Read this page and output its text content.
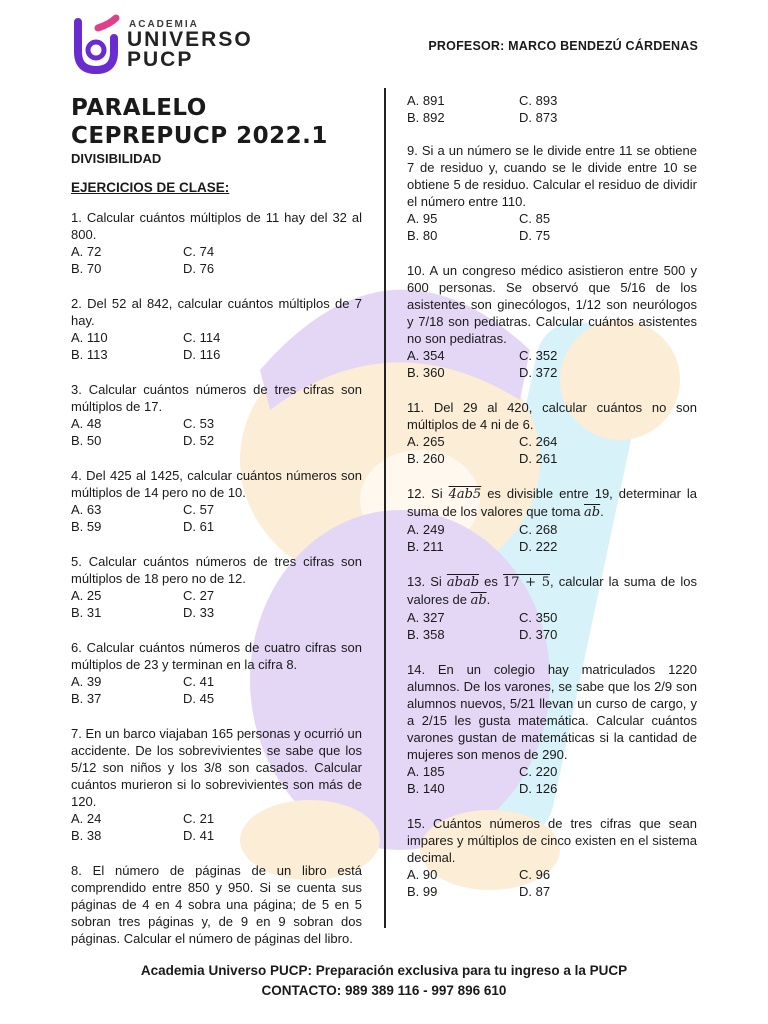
ACADEMIA
UNIVERSO
PUCP
PROFESOR: MARCO BENDEZÚ CÁRDENAS
PARALELO CEPREPUCP 2022.1
DIVISIBILIDAD
EJERCICIOS DE CLASE:

1. Calcular cuántos múltiplos de 11 hay del 32 al 800.

A. 72	C. 74
B. 70	D. 76

2. Del 52 al 842, calcular cuántos múltiplos de 7 hay.

A. 110	C. 114
B. 113	D. 116

3. Calcular cuántos números de tres cifras son múltiplos de 17.

A. 48	C. 53
B. 50	D. 52

4. Del 425 al 1425, calcular cuántos números son múltiplos de 14 pero no de 10.

A. 63	C. 57
B. 59	D. 61

5. Calcular cuántos números de tres cifras son múltiplos de 18 pero no de 12.

A. 25	C. 27
B. 31	D. 33

6. Calcular cuántos números de cuatro cifras son múltiplos de 23 y terminan en la cifra 8.

A. 39	C. 41
B. 37	D. 45

7. En un barco viajaban 165 personas y ocurrió un accidente. De los sobrevivientes se sabe que los 5/12 son niños y los 3/8 son casados. Calcular cuántos murieron si lo sobrevivientes son más de 120.

A. 24	C. 21
B. 38	D. 41

8. El número de páginas de un libro está comprendido entre 850 y 950. Si se cuenta sus páginas de 4 en 4 sobra una página; de 5 en 5 sobran tres páginas y, de 9 en 9 sobran dos páginas. Calcular el número de páginas del libro.

A. 891	C. 893
B. 892	D. 873

9. Si a un número se le divide entre 11 se obtiene 7 de residuo y, cuando se le divide entre 10 se obtiene 5 de residuo. Calcular el residuo de dividir el número entre 110.

A. 95	C. 85
B. 80	D. 75

10. A un congreso médico asistieron entre 500 y 600 personas. Se observó que 5/16 de los asistentes son ginecólogos, 1/12 son neurólogos y 7/18 son pediatras. Calcular cuántos asistentes no son pediatras.

A. 354	C. 352
B. 360	D. 372

11. Del 29 al 420, calcular cuántos no son múltiplos de 4 ni de 6.

A. 265	C. 264
B. 260	D. 261

12. Si 4ab5 es divisible entre 19, determinar la suma de los valores que toma $\overline{ab}$.

A. 249	C. 268
B. 211	D. 222

13. Si abab es 17 + 5, calcular la suma de los valores de $\overline{ab}$.

A. 327	C. 350
B. 358	D. 370

14. En un colegio hay matriculados 1220 alumnos. De los varones, se sabe que los 2/9 son alumnos nuevos, 5/21 llevan un curso de cargo, y a 2/15 les gusta matemática. Calcular cuántos varones gustan de matemáticas si la cantidad de mujeres son menos de 290.

A. 185	C. 220
B. 140	D. 126

15. Cuántos números de tres cifras que sean impares y múltiplos de cinco existen en el sistema decimal.

A. 90	C. 96
B. 99	D. 87
Academia Universo PUCP: Preparación exclusiva para tu ingreso a la PUCP
CONTACTO: 989 389 116 - 997 896 610
